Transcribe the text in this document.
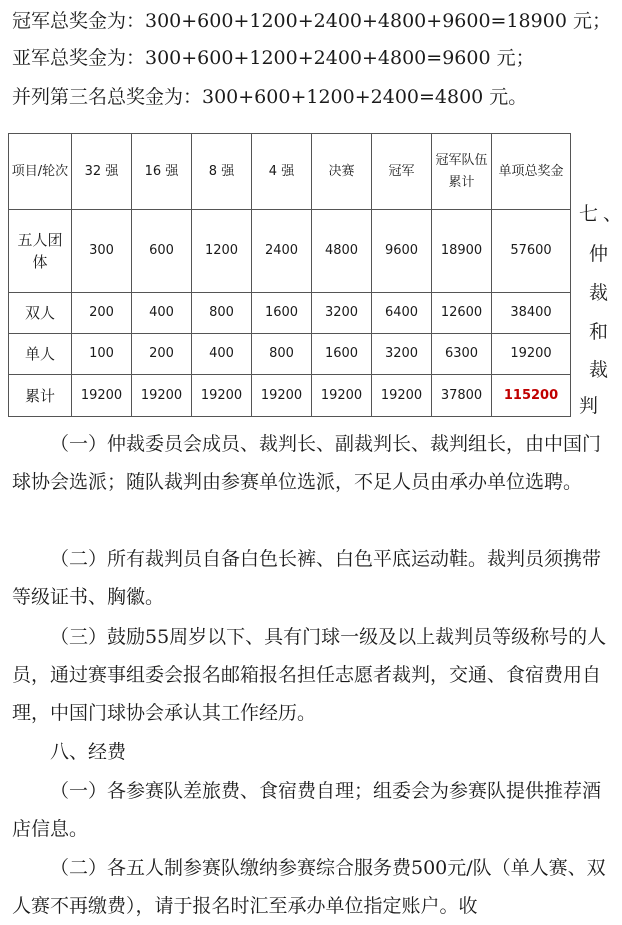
冠军总奖金为：300+600+1200+2400+4800+9600=18900 元；
亚军总奖金为：300+600+1200+2400+4800=9600 元；
并列第三名总奖金为：300+600+1200+2400=4800 元。
项目/轮次	32 强	16 强	8 强	4 强	决赛	冠军	冠军队伍累计	单项总奖金
五人团体	300	600	1200	2400	4800	9600	18900	57600
双人	200	400	800	1600	3200	6400	12600	38400
单人	100	200	400	800	1600	3200	6300	19200
累计	19200	19200	19200	19200	19200	19200	37800	115200
七 、
仲
裁
和
裁
判

（一）仲裁委员会成员、裁判长、副裁判长、裁判组长，由中国门球协会选派；随队裁判由参赛单位选派，不足人员由承办单位选聘。

（二）所有裁判员自备白色长裤、白色平底运动鞋。裁判员须携带等级证书、胸徽。

（三）鼓励55周岁以下、具有门球一级及以上裁判员等级称号的人员，通过赛事组委会报名邮箱报名担任志愿者裁判，交通、食宿费用自理，中国门球协会承认其工作经历。

八、经费

（一）各参赛队差旅费、食宿费自理；组委会为参赛队提供推荐酒店信息。

（二）各五人制参赛队缴纳参赛综合服务费500元/队（单人赛、双人赛不再缴费），请于报名时汇至承办单位指定账户。收
